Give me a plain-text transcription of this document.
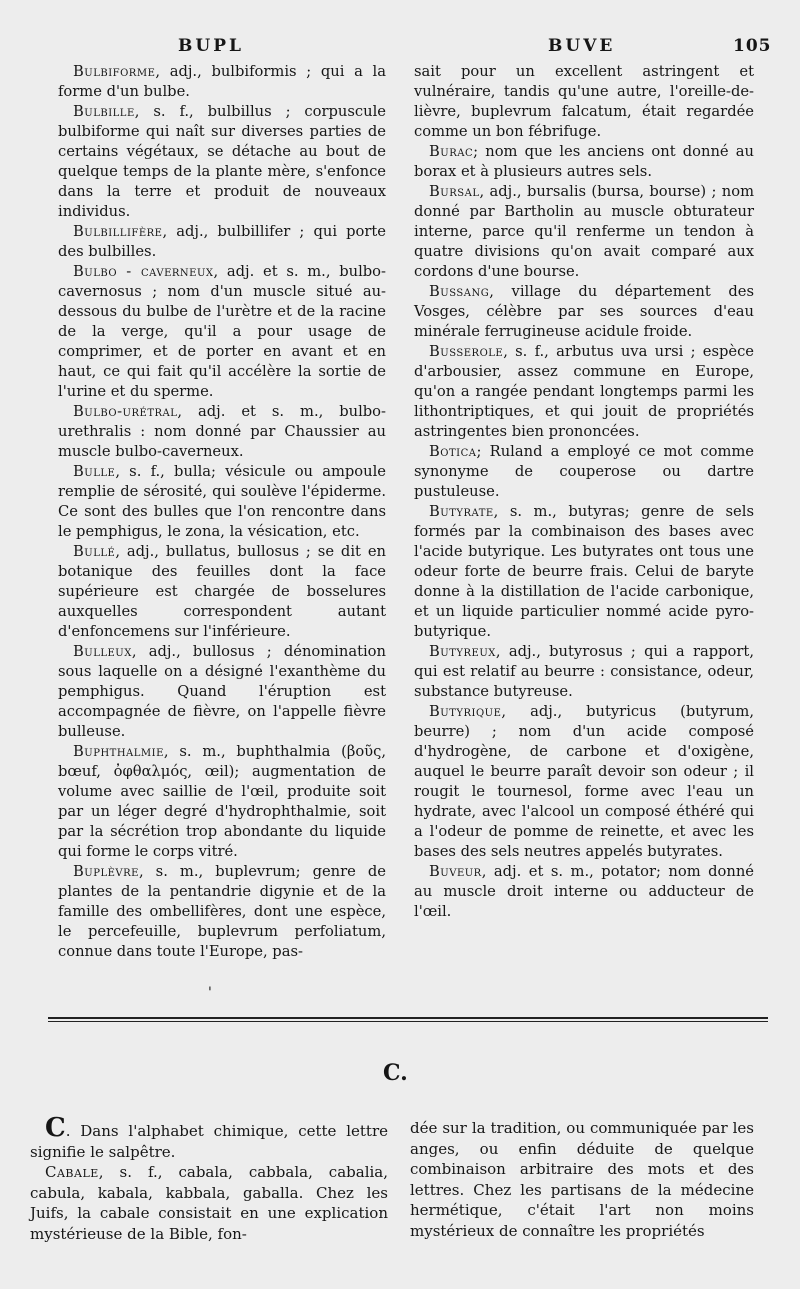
BUPL	BUVE	105

Bulbiforme, adj., bulbiformis ; qui a la forme d'un bulbe.

Bulbille, s. f., bulbillus ; corpuscule bulbiforme qui naît sur diverses parties de certains végétaux, se détache au bout de quelque temps de la plante mère, s'enfonce dans la terre et produit de nouveaux individus.

Bulbillifère, adj., bulbillifer ; qui porte des bulbilles.

Bulbo - caverneux, adj. et s. m., bulbo-cavernosus ; nom d'un muscle situé au-dessous du bulbe de l'urètre et de la racine de la verge, qu'il a pour usage de comprimer, et de porter en avant et en haut, ce qui fait qu'il accélère la sortie de l'urine et du sperme.

Bulbo-urétral, adj. et s. m., bulbo-urethralis : nom donné par Chaussier au muscle bulbo-caverneux.

Bulle, s. f., bulla; vésicule ou ampoule remplie de sérosité, qui soulève l'épiderme. Ce sont des bulles que l'on rencontre dans le pemphigus, le zona, la vésication, etc.

Bullé, adj., bullatus, bullosus ; se dit en botanique des feuilles dont la face supérieure est chargée de bosselures auxquelles correspondent autant d'enfoncemens sur l'inférieure.

Bulleux, adj., bullosus ; dénomination sous laquelle on a désigné l'exanthème du pemphigus. Quand l'éruption est accompagnée de fièvre, on l'appelle fièvre bulleuse.

Buphthalmie, s. m., buphthalmia (βοῦς, bœuf, ὀφθαλμός, œil); augmentation de volume avec saillie de l'œil, produite soit par un léger degré d'hydrophthalmie, soit par la sécrétion trop abondante du liquide qui forme le corps vitré.

Buplèvre, s. m., buplevrum; genre de plantes de la pentandrie digynie et de la famille des ombellifères, dont une espèce, le percefeuille, buplevrum perfoliatum, connue dans toute l'Europe, pas-

sait pour un excellent astringent et vulnéraire, tandis qu'une autre, l'oreille-de-lièvre, buplevrum falcatum, était regardée comme un bon fébrifuge.

Burac; nom que les anciens ont donné au borax et à plusieurs autres sels.

Bursal, adj., bursalis (bursa, bourse) ; nom donné par Bartholin au muscle obturateur interne, parce qu'il renferme un tendon à quatre divisions qu'on avait comparé aux cordons d'une bourse.

Bussang, village du département des Vosges, célèbre par ses sources d'eau minérale ferrugineuse acidule froide.

Busserole, s. f., arbutus uva ursi ; espèce d'arbousier, assez commune en Europe, qu'on a rangée pendant longtemps parmi les lithontriptiques, et qui jouit de propriétés astringentes bien prononcées.

Botica; Ruland a employé ce mot comme synonyme de couperose ou dartre pustuleuse.

Butyrate, s. m., butyras; genre de sels formés par la combinaison des bases avec l'acide butyrique. Les butyrates ont tous une odeur forte de beurre frais. Celui de baryte donne à la distillation de l'acide carbonique, et un liquide particulier nommé acide pyro-butyrique.

Butyreux, adj., butyrosus ; qui a rapport, qui est relatif au beurre : consistance, odeur, substance butyreuse.

Butyrique, adj., butyricus (butyrum, beurre) ; nom d'un acide composé d'hydrogène, de carbone et d'oxigène, auquel le beurre paraît devoir son odeur ; il rougit le tournesol, forme avec l'eau un hydrate, avec l'alcool un composé éthéré qui a l'odeur de pomme de reinette, et avec les bases des sels neutres appelés butyrates.

Buveur, adj. et s. m., potator; nom donné au muscle droit interne ou adducteur de l'œil.

'
C.

C. Dans l'alphabet chimique, cette lettre signifie le salpêtre.

Cabale, s. f., cabala, cabbala, cabalia, cabula, kabala, kabbala, gaballa. Chez les Juifs, la cabale consistait en une explication mystérieuse de la Bible, fon-

dée sur la tradition, ou communiquée par les anges, ou enfin déduite de quelque combinaison arbitraire des mots et des lettres. Chez les partisans de la médecine hermétique, c'était l'art non moins mystérieux de connaître les propriétés
